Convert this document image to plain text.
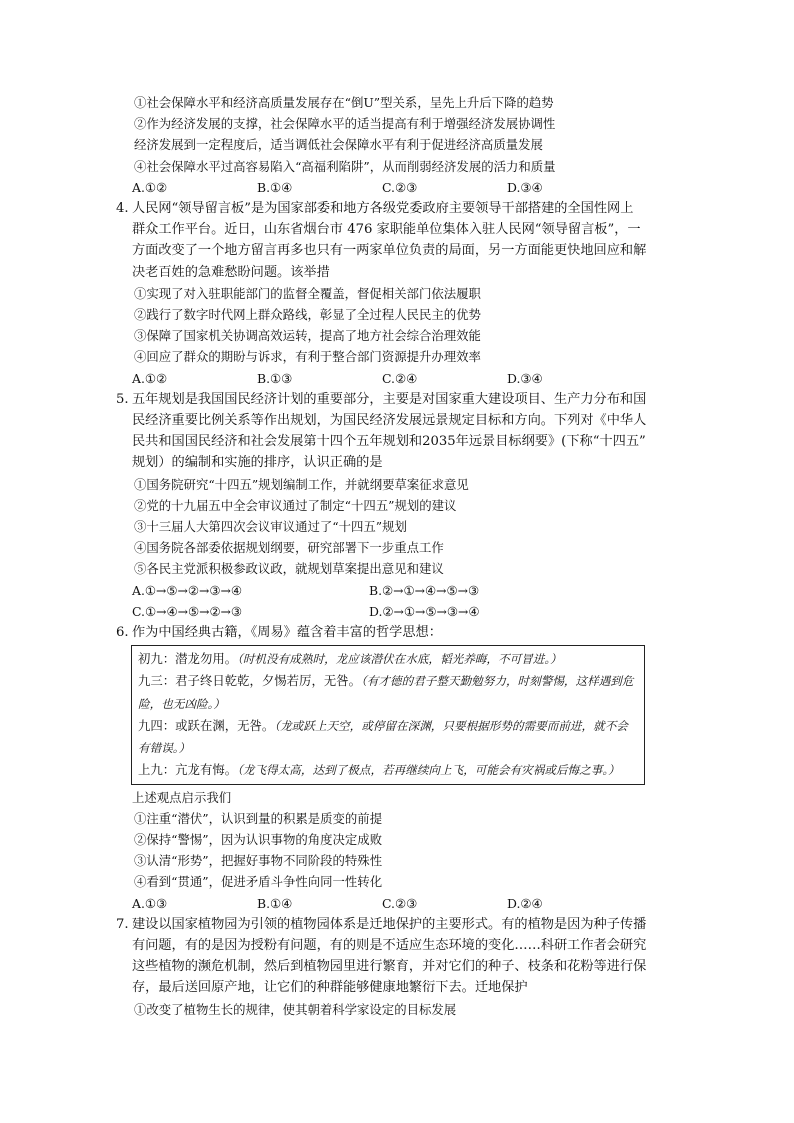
①社会保障水平和经济高质量发展存在“倒U”型关系，呈先上升后下降的趋势
②作为经济发展的支撑，社会保障水平的适当提高有利于增强经济发展协调性
经济发展到一定程度后，适当调低社会保障水平有利于促进经济高质量发展
④社会保障水平过高容易陷入“高福利陷阱”，从而削弱经济发展的活力和质量
A.①②	B.①④	C.②③	D.③④
4. 人民网“领导留言板”是为国家部委和地方各级党委政府主要领导干部搭建的全国性网上
群众工作平台。近日，山东省烟台市 476 家职能单位集体入驻人民网“领导留言板”，一
方面改变了一个地方留言再多也只有一两家单位负责的局面，另一方面能更快地回应和解
决老百姓的急难愁盼问题。该举措
①实现了对入驻职能部门的监督全覆盖，督促相关部门依法履职
②践行了数字时代网上群众路线，彰显了全过程人民民主的优势
③保障了国家机关协调高效运转，提高了地方社会综合治理效能
④回应了群众的期盼与诉求，有利于整合部门资源提升办理效率
A.①②	B.①③	C.②④	D.③④
5. 五年规划是我国国民经济计划的重要部分，主要是对国家重大建设项目、生产力分布和国
民经济重要比例关系等作出规划，为国民经济发展远景规定目标和方向。下列对《中华人
民共和国国民经济和社会发展第十四个五年规划和2035年远景目标纲要》(下称“十四五”
规划）的编制和实施的排序，认识正确的是
①国务院研究“十四五”规划编制工作，并就纲要草案征求意见
②党的十九届五中全会审议通过了制定“十四五”规划的建议
③十三届人大第四次会议审议通过了“十四五”规划
④国务院各部委依据规划纲要，研究部署下一步重点工作
⑤各民主党派积极参政议政，就规划草案提出意见和建议
A.①→⑤→②→③→④	B.②→①→④→⑤→③
C.①→④→⑤→②→③	D.②→①→⑤→③→④
6. 作为中国经典古籍，《周易》蕴含着丰富的哲学思想：
初九：潜龙勿用。（时机没有成熟时，龙应该潜伏在水底，韬光养晦，不可冒进。）
九三：君子终日乾乾，夕惕若厉，无咎。（有才德的君子整天勤勉努力，时刻警惕，这样遇到危险，也无凶险。）
九四：或跃在渊，无咎。（龙或跃上天空，或停留在深渊，只要根据形势的需要而前进，就不会有错误。）
上九：亢龙有悔。（龙飞得太高，达到了极点，若再继续向上飞，可能会有灾祸或后悔之事。）
上述观点启示我们
①注重“潜伏”，认识到量的积累是质变的前提
②保持“警惕”，因为认识事物的角度决定成败
③认清“形势”，把握好事物不同阶段的特殊性
④看到“贯通”，促进矛盾斗争性向同一性转化
A.①③	B.①④	C.②③	D.②④
7. 建设以国家植物园为引领的植物园体系是迁地保护的主要形式。有的植物是因为种子传播
有问题，有的是因为授粉有问题，有的则是不适应生态环境的变化……科研工作者会研究
这些植物的濒危机制，然后到植物园里进行繁育，并对它们的种子、枝条和花粉等进行保
存，最后送回原产地，让它们的种群能够健康地繁衍下去。迁地保护
①改变了植物生长的规律，使其朝着科学家设定的目标发展
